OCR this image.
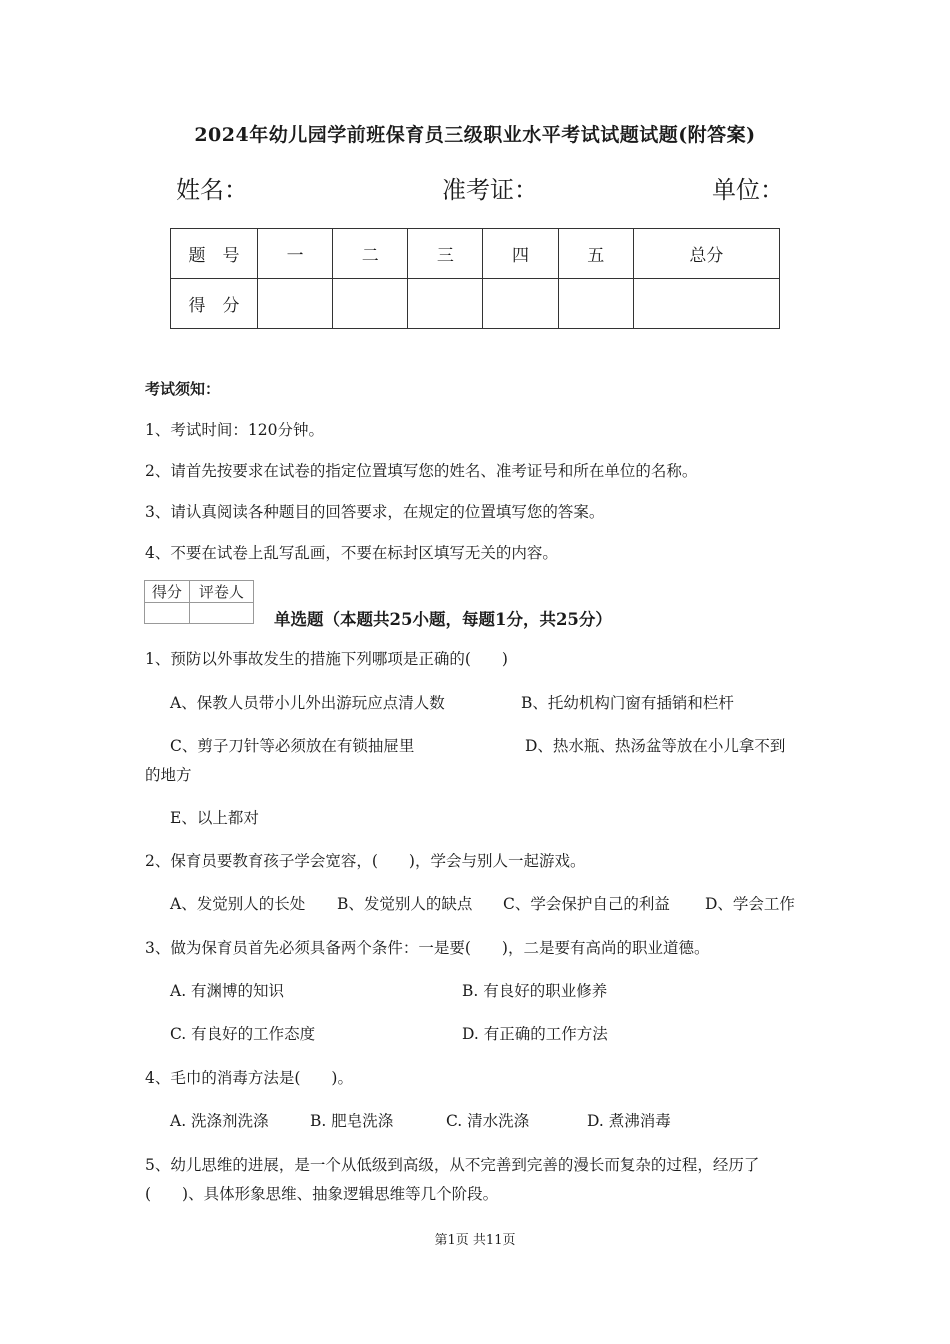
2024年幼儿园学前班保育员三级职业水平考试试题试题(附答案)
姓名：	准考证：	单位：
题　号	一	二	三	四	五	总分
得　分						
考试须知：
1、考试时间：120分钟。
2、请首先按要求在试卷的指定位置填写您的姓名、准考证号和所在单位的名称。
3、请认真阅读各种题目的回答要求，在规定的位置填写您的答案。
4、不要在试卷上乱写乱画，不要在标封区填写无关的内容。
得分	评卷人

单选题（本题共25小题，每题1分，共25分）
1、预防以外事故发生的措施下列哪项是正确的(　　)
A、保教人员带小儿外出游玩应点清人数	B、托幼机构门窗有插销和栏杆
C、剪子刀针等必须放在有锁抽屉里	D、热水瓶、热汤盆等放在小儿拿不到
的地方
E、以上都对
2、保育员要教育孩子学会宽容，(　　)，学会与别人一起游戏。
A、发觉别人的长处 B、发觉别人的缺点 C、学会保护自己的利益 D、学会工作
3、做为保育员首先必须具备两个条件：一是要(　　)，二是要有高尚的职业道德。
A. 有渊博的知识	B. 有良好的职业修养
C. 有良好的工作态度	D. 有正确的工作方法
4、毛巾的消毒方法是(　　)。
A. 洗涤剂洗涤	B. 肥皂洗涤	C. 清水洗涤	D. 煮沸消毒
5、幼儿思维的进展，是一个从低级到高级，从不完善到完善的漫长而复杂的过程，经历了
(　　)、具体形象思维、抽象逻辑思维等几个阶段。
第1页 共11页
